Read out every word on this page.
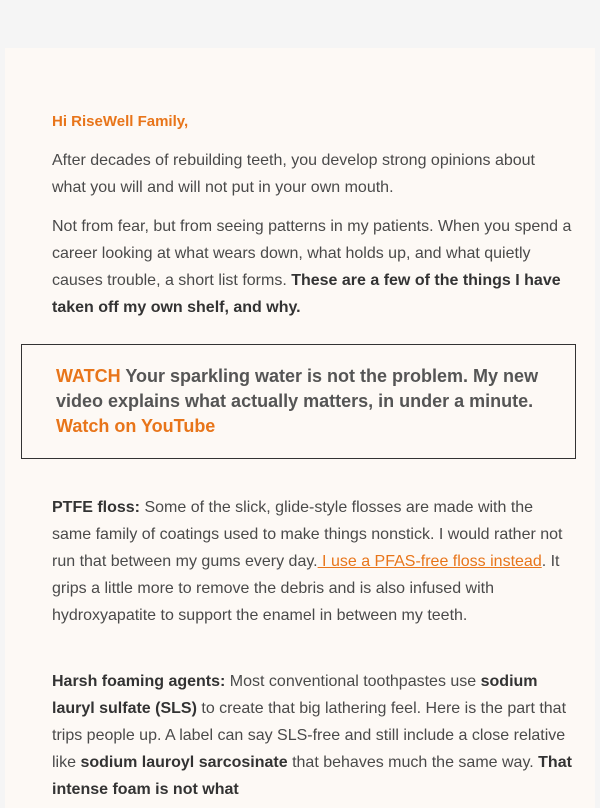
Hi RiseWell Family,

After decades of rebuilding teeth, you develop strong opinions about what you will and will not put in your own mouth.

Not from fear, but from seeing patterns in my patients. When you spend a career looking at what wears down, what holds up, and what quietly causes trouble, a short list forms. These are a few of the things I have taken off my own shelf, and why.

WATCH Your sparkling water is not the problem. My new video explains what actually matters, in under a minute. Watch on YouTube

PTFE floss: Some of the slick, glide-style flosses are made with the same family of coatings used to make things nonstick. I would rather not run that between my gums every day. I use a PFAS-free floss instead. It grips a little more to remove the debris and is also infused with hydroxyapatite to support the enamel in between my teeth.

Harsh foaming agents: Most conventional toothpastes use sodium lauryl sulfate (SLS) to create that big lathering feel. Here is the part that trips people up. A label can say SLS-free and still include a close relative like sodium lauroyl sarcosinate that behaves much the same way. That intense foam is not what
